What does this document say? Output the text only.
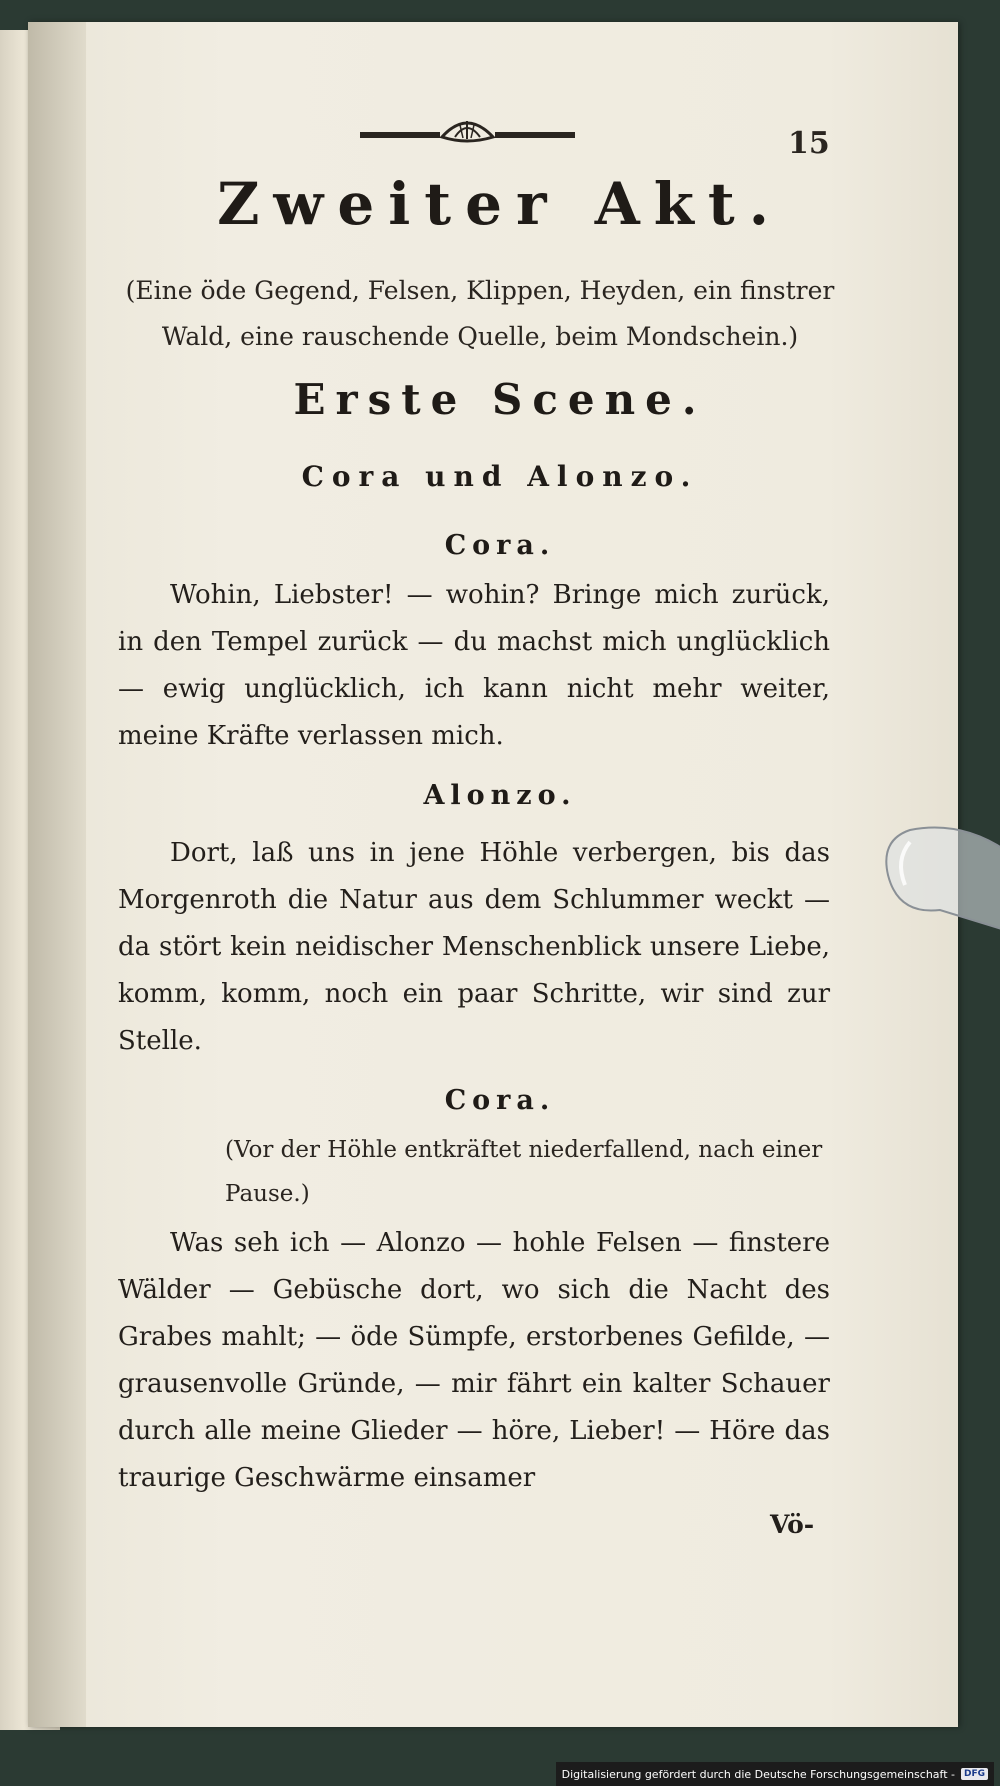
15
Zweiter Akt.
(Eine öde Gegend, Felsen, Klippen, Heyden, ein finstrer Wald, eine rauschende Quelle, beim Mondschein.)
Erste Scene.
Cora und Alonzo.
Cora.

Wohin, Liebster! — wohin? Bringe mich zurück, in den Tempel zurück — du machst mich unglücklich — ewig unglücklich, ich kann nicht mehr weiter, meine Kräfte verlassen mich.

Alonzo.

Dort, laß uns in jene Höhle verbergen, bis das Morgenroth die Natur aus dem Schlummer weckt — da stört kein neidischer Menschenblick unsere Liebe, komm, komm, noch ein paar Schritte, wir sind zur Stelle.

Cora.
(Vor der Höhle entkräftet niederfallend, nach einer Pause.)

Was seh ich — Alonzo — hohle Felsen — finstere Wälder — Gebüsche dort, wo sich die Nacht des Grabes mahlt; — öde Sümpfe, erstorbenes Gefilde, — grausenvolle Gründe, — mir fährt ein kalter Schauer durch alle meine Glieder — höre, Lieber! — Höre das traurige Geschwärme einsamer

Vö-
Digitalisierung gefördert durch die Deutsche Forschungsgemeinschaft -	DFG
